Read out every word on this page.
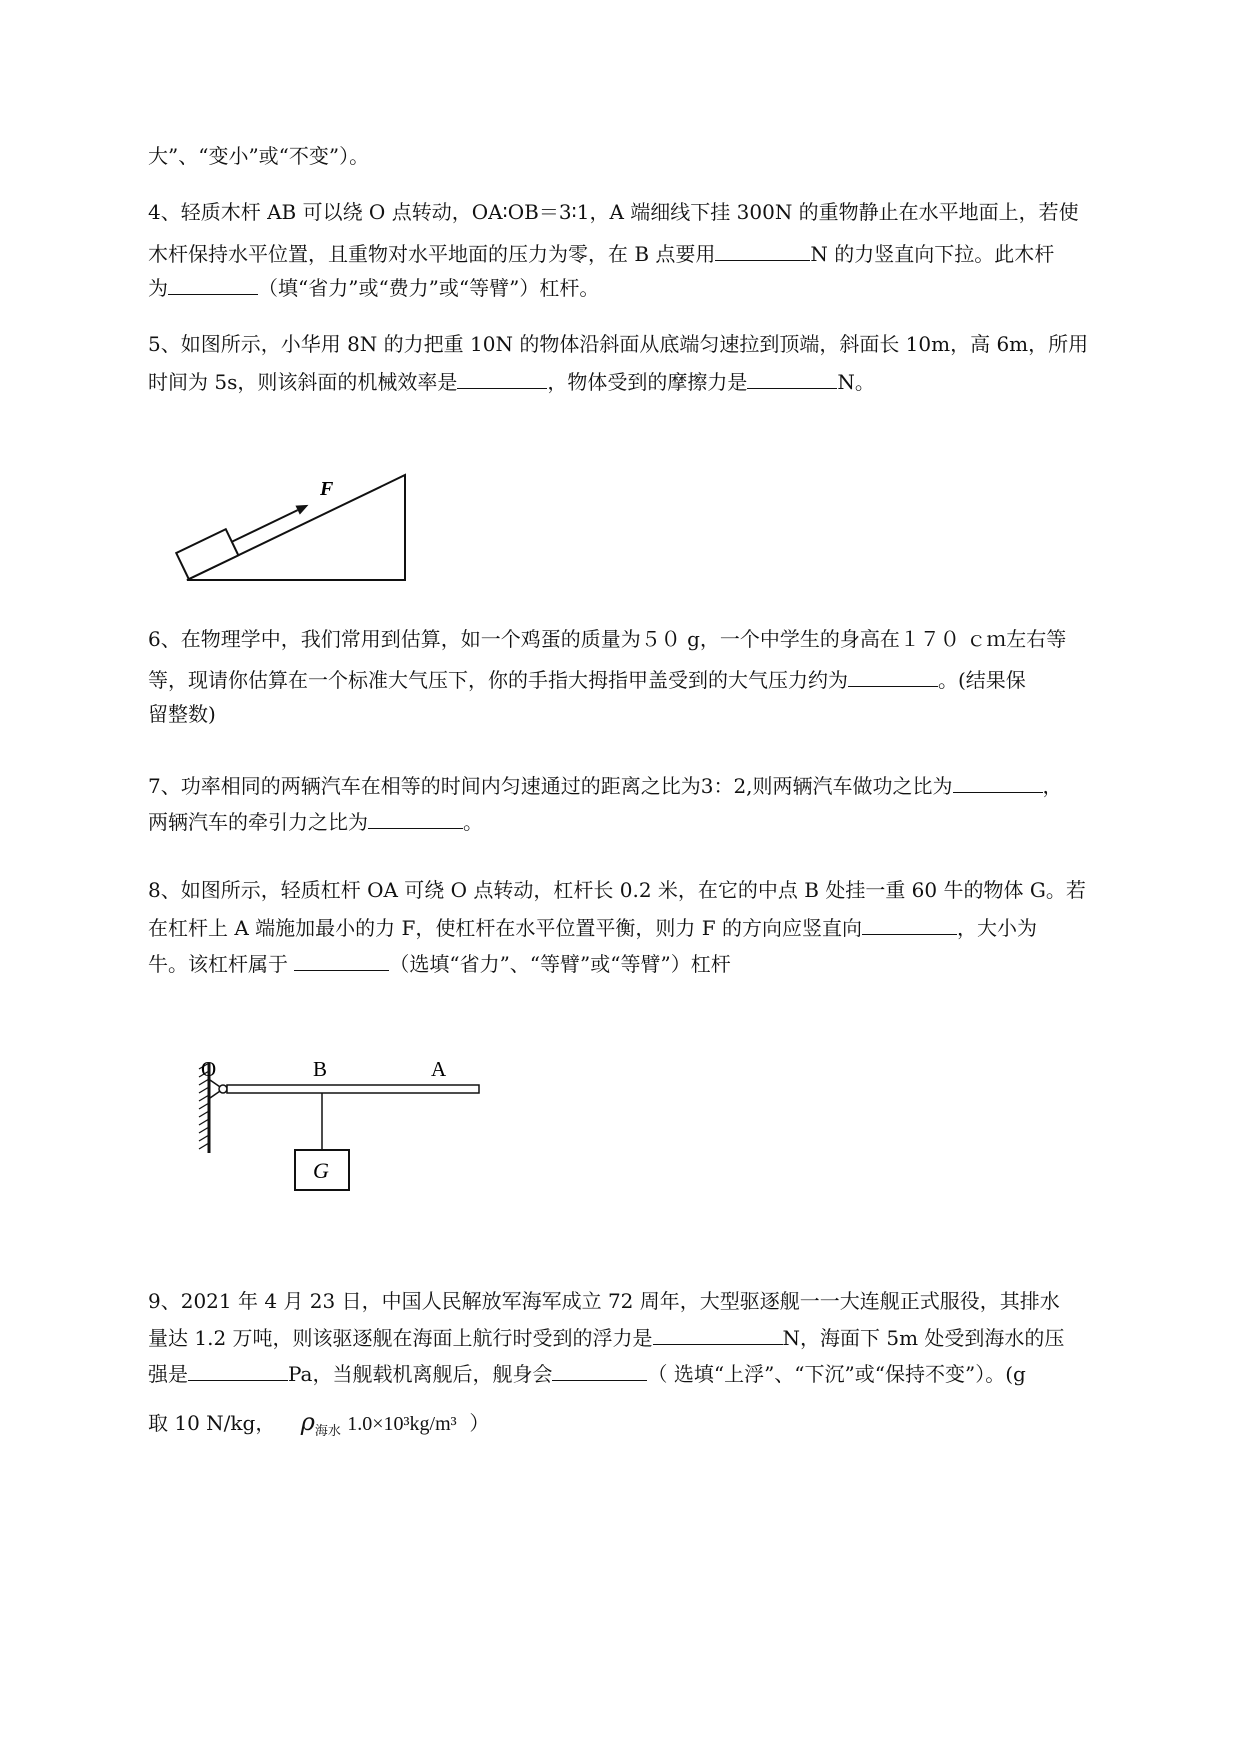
大”、“变小”或“不变”）。
4、轻质木杆 AB 可以绕 O 点转动，OA∶OB＝3∶1，A 端细线下挂 300N 的重物静止在水平地面上，若使
木杆保持水平位置，且重物对水平地面的压力为零，在 B 点要用	N 的力竖直向下拉。此木杆
为	（填“省力”或“费力”或“等臂”）杠杆。
5、如图所示，小华用 8N 的力把重 10N 的物体沿斜面从底端匀速拉到顶端，斜面长 10m，高 6m，所用
时间为 5s，则该斜面的机械效率是	，物体受到的摩擦力是	N。
F
6、在物理学中，我们常用到估算，如一个鸡蛋的质量为５０ g，一个中学生的身高在１７０ ｃｍ左右等
等，现请你估算在一个标准大气压下，你的手指大拇指甲盖受到的大气压力约为	。(结果保
留整数)
7、功率相同的两辆汽车在相等的时间内匀速通过的距离之比为3：2,则两辆汽车做功之比为	，
两辆汽车的牵引力之比为	。
8、如图所示，轻质杠杆 OA 可绕 O 点转动，杠杆长 0.2 米，在它的中点 B 处挂一重 60 牛的物体 G。若
在杠杆上 A 端施加最小的力 F，使杠杆在水平位置平衡，则力 F 的方向应竖直向	，大小为
牛。该杠杆属于	（选填“省力”、“等臂”或“等臂”）杠杆
O	B	A
G
9、2021 年 4 月 23 日，中国人民解放军海军成立 72 周年，大型驱逐舰一一大连舰正式服役，其排水
量达 1.2 万吨，则该驱逐舰在海面上航行时受到的浮力是	N，海面下 5m 处受到海水的压
强是	Pa，当舰载机离舰后，舰身会	（ 选填“上浮”、“下沉”或“保持不变”）。(g
取 10 N/kg， $\rho_{海水}$ 1.0×10³kg/m³ ）
